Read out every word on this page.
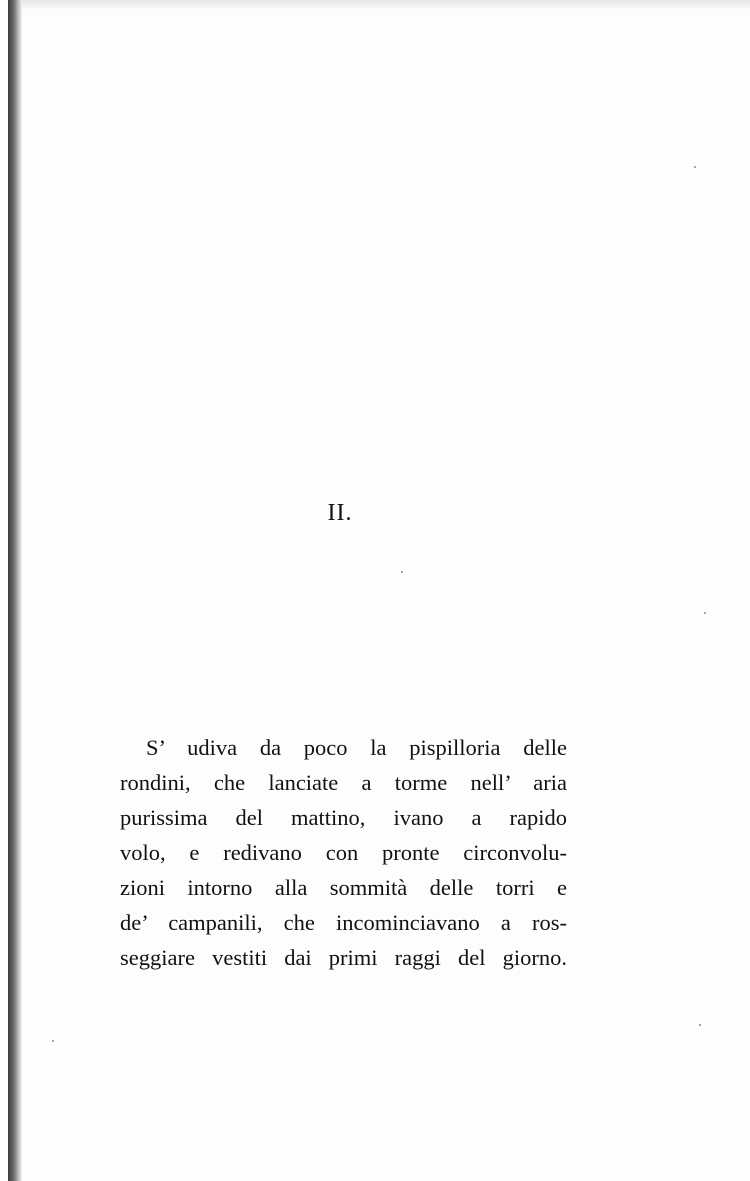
II.
S’ udiva da poco la pispilloria delle
rondini, che lanciate a torme nell’ aria
purissima del mattino, ivano a rapido
volo, e redivano con pronte circonvolu-
zioni intorno alla sommità delle torri e
de’ campanili, che incominciavano a ros-
seggiare vestiti dai primi raggi del giorno.
